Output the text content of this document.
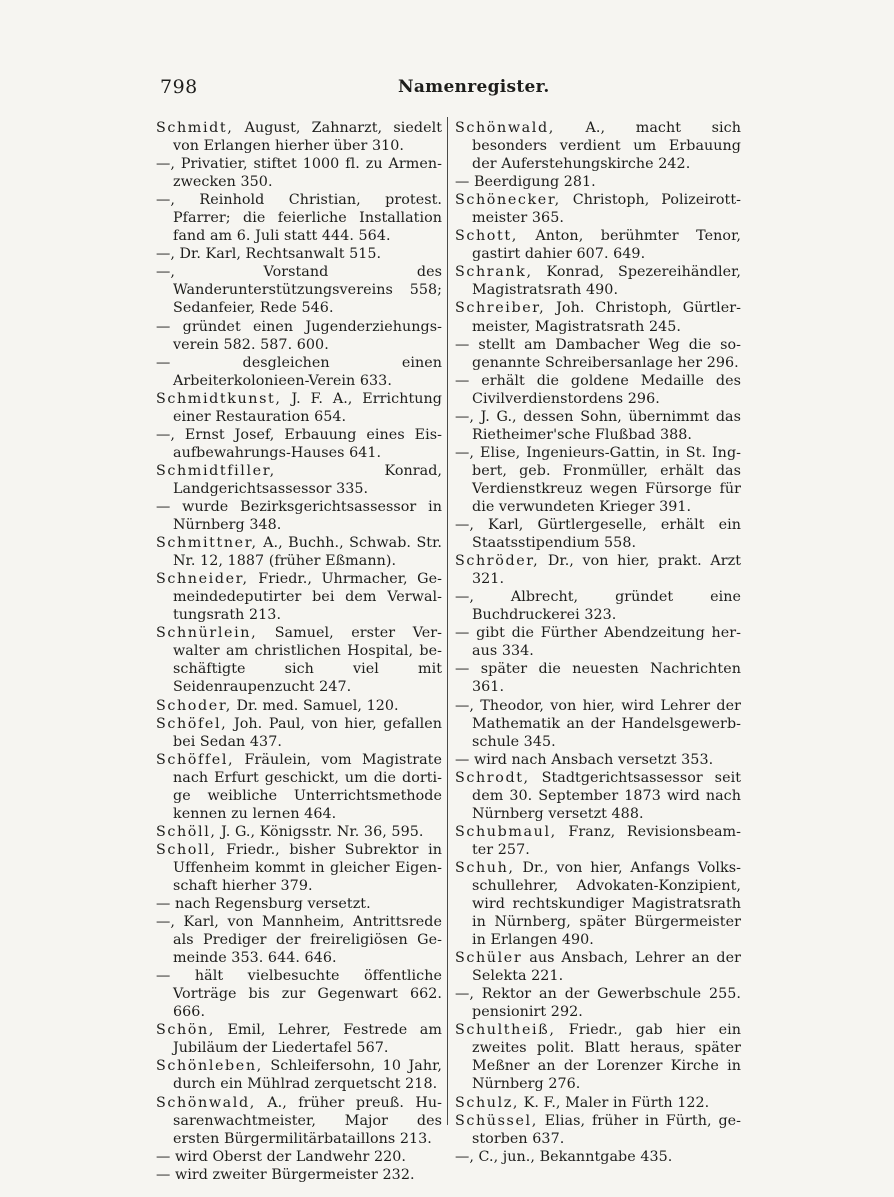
798	Namenregister.

Schmidt, August, Zahnarzt, siedelt von Erlangen hierher über 310.

—, Privatier, stiftet 1000 fl. zu Armenzwecken 350.

—, Reinhold Christian, protest. Pfarrer; die feierliche Installation fand am 6. Juli statt 444. 564.

—, Dr. Karl, Rechtsanwalt 515.

—, Vorstand des Wanderunterstützungsvereins 558; Sedanfeier, Rede 546.

— gründet einen Jugenderziehungsverein 582. 587. 600.

— desgleichen einen Arbeiterkolonieen-Verein 633.

Schmidtkunst, J. F. A., Errichtung einer Restauration 654.

—, Ernst Josef, Erbauung eines Eisaufbewahrungs-Hauses 641.

Schmidtfiller, Konrad, Landgerichtsassessor 335.

— wurde Bezirksgerichtsassessor in Nürnberg 348.

Schmittner, A., Buchh., Schwab. Str. Nr. 12, 1887 (früher Eßmann).

Schneider, Friedr., Uhrmacher, Gemeindedeputirter bei dem Verwaltungsrath 213.

Schnürlein, Samuel, erster Verwalter am christlichen Hospital, beschäftigte sich viel mit Seidenraupenzucht 247.

Schoder, Dr. med. Samuel, 120.

Schöfel, Joh. Paul, von hier, gefallen bei Sedan 437.

Schöffel, Fräulein, vom Magistrate nach Erfurt geschickt, um die dortige weibliche Unterrichtsmethode kennen zu lernen 464.

Schöll, J. G., Königsstr. Nr. 36, 595.

Scholl, Friedr., bisher Subrektor in Uffenheim kommt in gleicher Eigenschaft hierher 379.

— nach Regensburg versetzt.

—, Karl, von Mannheim, Antrittsrede als Prediger der freireligiösen Gemeinde 353. 644. 646.

— hält vielbesuchte öffentliche Vorträge bis zur Gegenwart 662. 666.

Schön, Emil, Lehrer, Festrede am Jubiläum der Liedertafel 567.

Schönleben, Schleifersohn, 10 Jahr, durch ein Mühlrad zerquetscht 218.

Schönwald, A., früher preuß. Husarenwachtmeister, Major des ersten Bürgermilitärbataillons 213.

— wird Oberst der Landwehr 220.

— wird zweiter Bürgermeister 232.

Schönwald, A., macht sich besonders verdient um Erbauung der Auferstehungskirche 242.

— Beerdigung 281.

Schönecker, Christoph, Polizeirottmeister 365.

Schott, Anton, berühmter Tenor, gastirt dahier 607. 649.

Schrank, Konrad, Spezereihändler, Magistratsrath 490.

Schreiber, Joh. Christoph, Gürtlermeister, Magistratsrath 245.

— stellt am Dambacher Weg die sogenannte Schreibersanlage her 296.

— erhält die goldene Medaille des Civilverdienstordens 296.

—, J. G., dessen Sohn, übernimmt das Rietheimer'sche Flußbad 388.

—, Elise, Ingenieurs-Gattin, in St. Ingbert, geb. Fronmüller, erhält das Verdienstkreuz wegen Fürsorge für die verwundeten Krieger 391.

—, Karl, Gürtlergeselle, erhält ein Staatsstipendium 558.

Schröder, Dr., von hier, prakt. Arzt 321.

—, Albrecht, gründet eine Buchdruckerei 323.

— gibt die Fürther Abendzeitung heraus 334.

— später die neuesten Nachrichten 361.

—, Theodor, von hier, wird Lehrer der Mathematik an der Handelsgewerbschule 345.

— wird nach Ansbach versetzt 353.

Schrodt, Stadtgerichtsassessor seit dem 30. September 1873 wird nach Nürnberg versetzt 488.

Schubmaul, Franz, Revisionsbeamter 257.

Schuh, Dr., von hier, Anfangs Volksschullehrer, Advokaten-Konzipient, wird rechtskundiger Magistratsrath in Nürnberg, später Bürgermeister in Erlangen 490.

Schüler aus Ansbach, Lehrer an der Selekta 221.

—, Rektor an der Gewerbschule 255. pensionirt 292.

Schultheiß, Friedr., gab hier ein zweites polit. Blatt heraus, später Meßner an der Lorenzer Kirche in Nürnberg 276.

Schulz, K. F., Maler in Fürth 122.

Schüssel, Elias, früher in Fürth, gestorben 637.

—, C., jun., Bekanntgabe 435.
